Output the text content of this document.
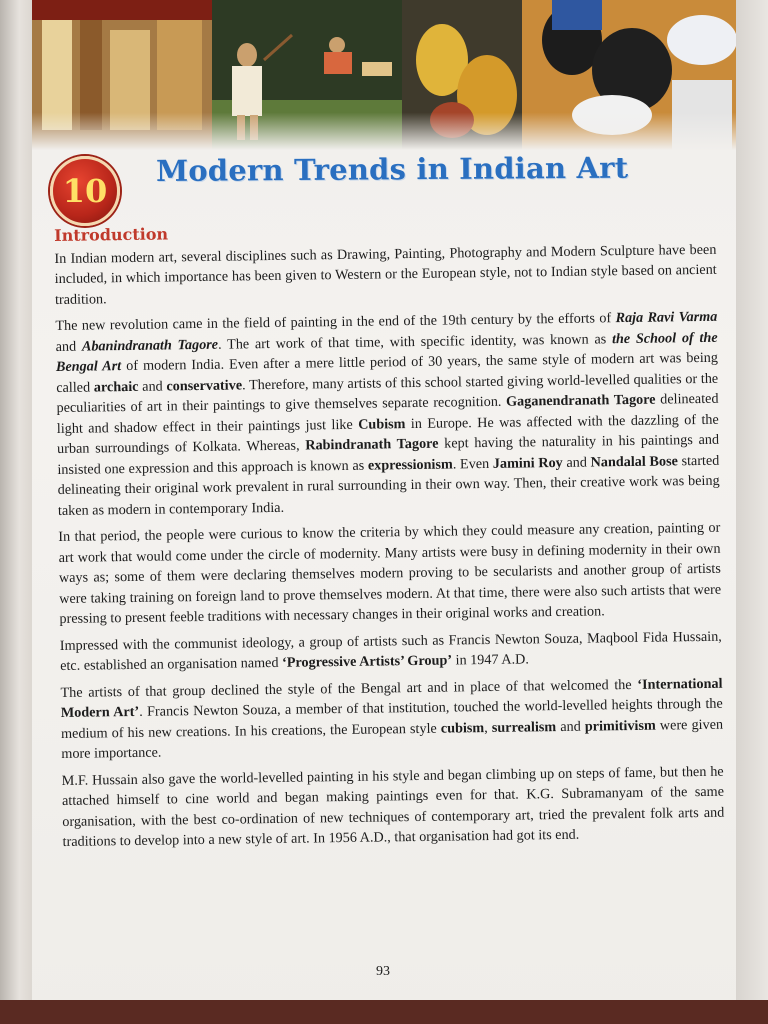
10
Modern Trends in Indian Art
Introduction

In Indian modern art, several disciplines such as Drawing, Painting, Photography and Modern Sculpture have been included, in which importance has been given to Western or the European style, not to Indian style based on ancient tradition.

The new revolution came in the field of painting in the end of the 19th century by the efforts of Raja Ravi Varma and Abanindranath Tagore. The art work of that time, with specific identity, was known as the School of the Bengal Art of modern India. Even after a mere little period of 30 years, the same style of modern art was being called archaic and conservative. Therefore, many artists of this school started giving world-levelled qualities or the peculiarities of art in their paintings to give themselves separate recognition. Gaganendranath Tagore delineated light and shadow effect in their paintings just like Cubism in Europe. He was affected with the dazzling of the urban surroundings of Kolkata. Whereas, Rabindranath Tagore kept having the naturality in his paintings and insisted one expression and this approach is known as expressionism. Even Jamini Roy and Nandalal Bose started delineating their original work prevalent in rural surrounding in their own way. Then, their creative work was being taken as modern in contemporary India.

In that period, the people were curious to know the criteria by which they could measure any creation, painting or art work that would come under the circle of modernity. Many artists were busy in defining modernity in their own ways as; some of them were declaring themselves modern proving to be secularists and another group of artists were taking training on foreign land to prove themselves modern. At that time, there were also such artists that were pressing to present feeble traditions with necessary changes in their original works and creation.

Impressed with the communist ideology, a group of artists such as Francis Newton Souza, Maqbool Fida Hussain, etc. established an organisation named ‘Progressive Artists’ Group’ in 1947 A.D.

The artists of that group declined the style of the Bengal art and in place of that welcomed the ‘International Modern Art’. Francis Newton Souza, a member of that institution, touched the world-levelled heights through the medium of his new creations. In his creations, the European style cubism, surrealism and primitivism were given more importance.

M.F. Hussain also gave the world-levelled painting in his style and began climbing up on steps of fame, but then he attached himself to cine world and began making paintings even for that. K.G. Subramanyam of the same organisation, with the best co-ordination of new techniques of contemporary art, tried the prevalent folk arts and traditions to develop into a new style of art. In 1956 A.D., that organisation had got its end.

93
